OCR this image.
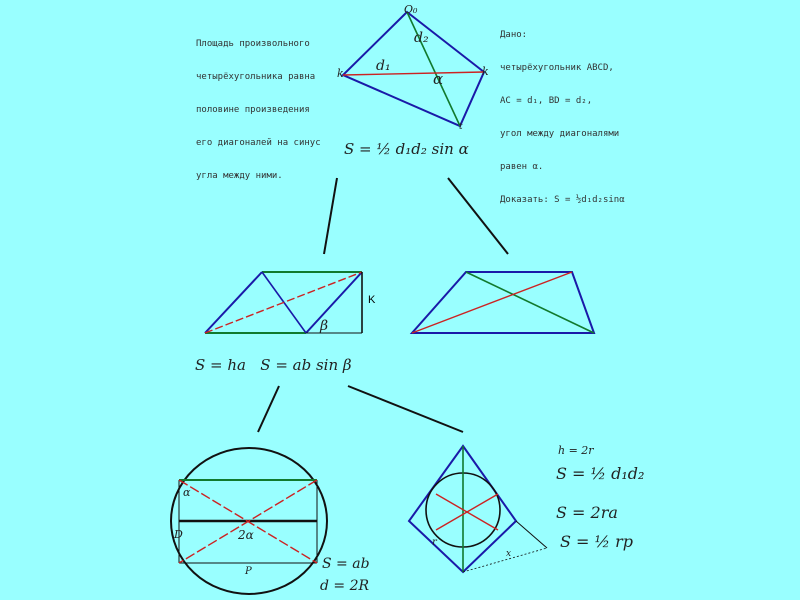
Площадь произвольного

четырёхугольника равна

половине произведения

его диагоналей на синус

угла между ними.

Дано:

четырёхугольник ABCD,

AC = d₁, BD = d₂,

угол между диагоналями

равен α.

Доказать: S = ½d₁d₂sinα

O₀
d₂
d₁
α
k	k
t
S = ½ d₁d₂ sin α
β
K
S = ha   S = ab sin β
α
2α
D
P	S = ab
d = 2R
r
x
h = 2r
S = ½ d₁d₂
S = 2ra
S = ½ rp
